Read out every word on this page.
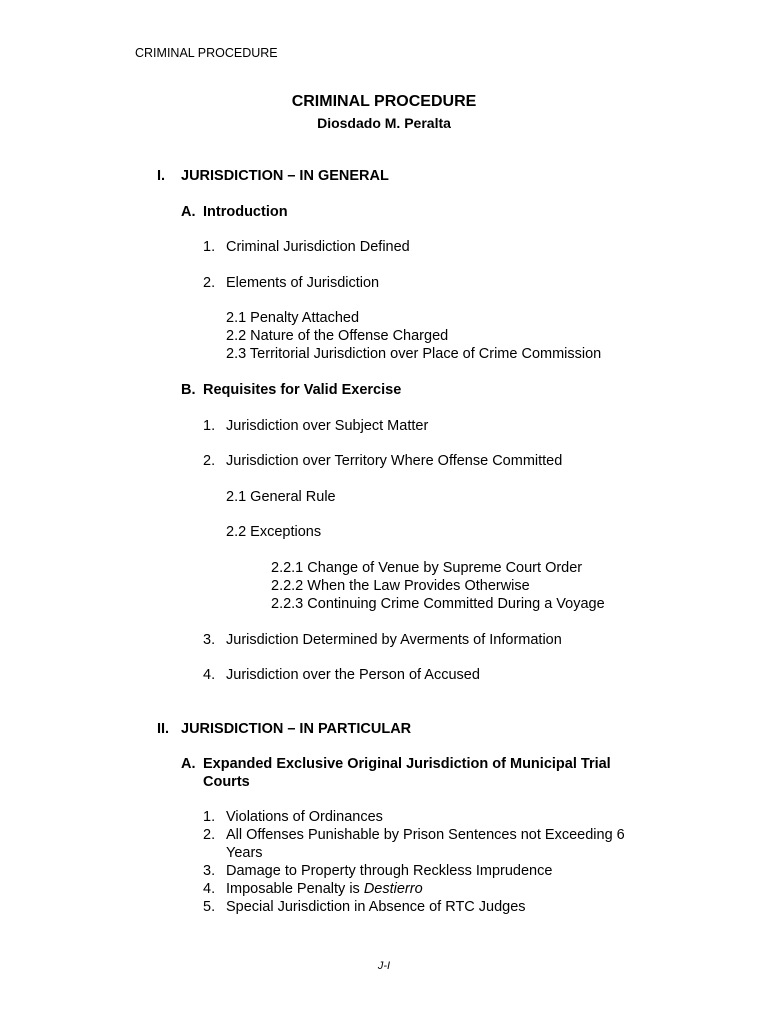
CRIMINAL PROCEDURE
CRIMINAL PROCEDURE
Diosdado M. Peralta
I. JURISDICTION – IN GENERAL
A. Introduction
1. Criminal Jurisdiction Defined
2. Elements of Jurisdiction
2.1 Penalty Attached
2.2 Nature of the Offense Charged
2.3 Territorial Jurisdiction over Place of Crime Commission
B. Requisites for Valid Exercise
1. Jurisdiction over Subject Matter
2. Jurisdiction over Territory Where Offense Committed
2.1 General Rule
2.2 Exceptions
2.2.1 Change of Venue by Supreme Court Order
2.2.2 When the Law Provides Otherwise
2.2.3 Continuing Crime Committed During a Voyage
3. Jurisdiction Determined by Averments of Information
4. Jurisdiction over the Person of Accused
II. JURISDICTION – IN PARTICULAR
A. Expanded Exclusive Original Jurisdiction of Municipal Trial
Courts
1. Violations of Ordinances
2. All Offenses Punishable by Prison Sentences not Exceeding 6
Years
3. Damage to Property through Reckless Imprudence
4. Imposable Penalty is Destierro
5. Special Jurisdiction in Absence of RTC Judges
J-I
